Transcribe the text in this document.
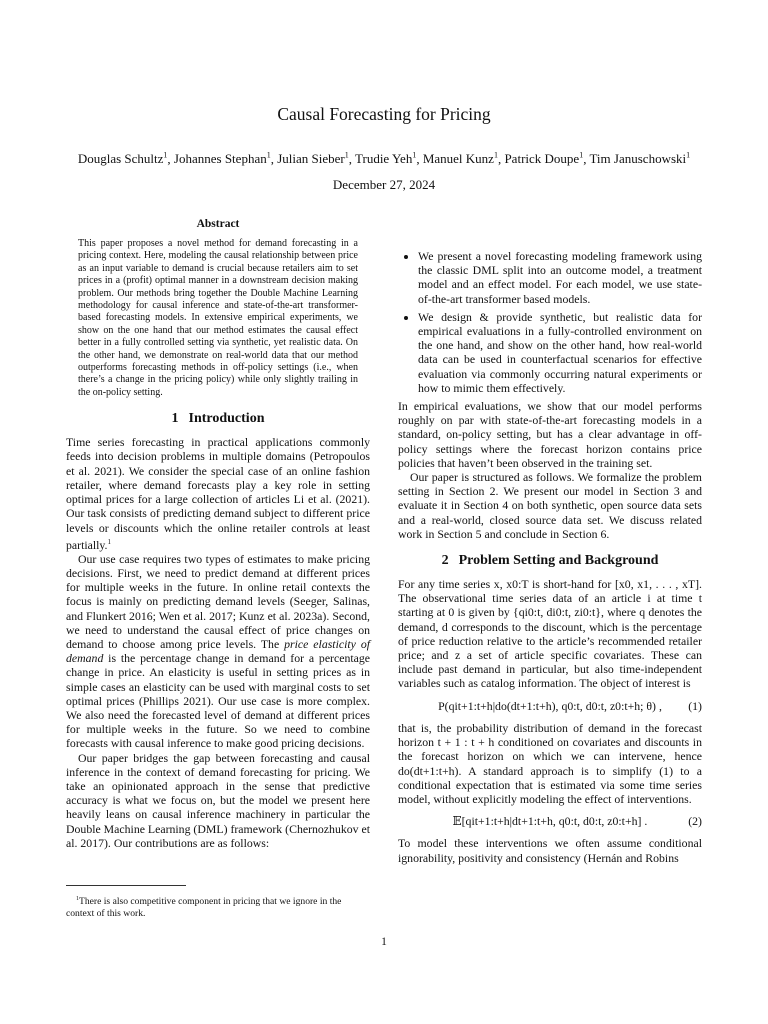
Causal Forecasting for Pricing
Douglas Schultz$^1$, Johannes Stephan$^1$, Julian Sieber$^1$, Trudie Yeh$^1$, Manuel Kunz$^1$, Patrick Doupe$^1$, Tim Januschowski$^1$
December 27, 2024
Abstract
This paper proposes a novel method for demand forecasting in a pricing context. Here, modeling the causal relationship between price as an input variable to demand is crucial because retailers aim to set prices in a (profit) optimal manner in a downstream decision making problem. Our methods bring together the Double Machine Learning methodology for causal inference and state-of-the-art transformer-based forecasting models. In extensive empirical experiments, we show on the one hand that our method estimates the causal effect better in a fully controlled setting via synthetic, yet realistic data. On the other hand, we demonstrate on real-world data that our method outperforms forecasting methods in off-policy settings (i.e., when there’s a change in the pricing policy) while only slightly trailing in the on-policy setting.
1 Introduction

Time series forecasting in practical applications commonly feeds into decision problems in multiple domains (Petropoulos et al. 2021). We consider the special case of an online fashion retailer, where demand forecasts play a key role in setting optimal prices for a large collection of articles Li et al. (2021). Our task consists of predicting demand subject to different price levels or discounts which the online retailer controls at least partially.$^1$

Our use case requires two types of estimates to make pricing decisions. First, we need to predict demand at different prices for multiple weeks in the future. In online retail contexts the focus is mainly on predicting demand levels (Seeger, Salinas, and Flunkert 2016; Wen et al. 2017; Kunz et al. 2023a). Second, we need to understand the causal effect of price changes on demand to choose among price levels. The price elasticity of demand is the percentage change in demand for a percentage change in price. An elasticity is useful in setting prices as in simple cases an elasticity can be used with marginal costs to set optimal prices (Phillips 2021). Our use case is more complex. We also need the forecasted level of demand at different prices for multiple weeks in the future. So we need to combine forecasts with causal inference to make good pricing decisions.

Our paper bridges the gap between forecasting and causal inference in the context of demand forecasting for pricing. We take an opinionated approach in the sense that predictive accuracy is what we focus on, but the model we present here heavily leans on causal inference machinery in particular the Double Machine Learning (DML) framework (Chernozhukov et al. 2017). Our contributions are as follows:

• We present a novel forecasting modeling framework using the classic DML split into an outcome model, a treatment model and an effect model. For each model, we use state-of-the-art transformer based models.
• We design & provide synthetic, but realistic data for empirical evaluations in a fully-controlled environment on the one hand, and show on the other hand, how real-world data can be used in counterfactual scenarios for effective evaluation via commonly occurring natural experiments or how to mimic them effectively.

In empirical evaluations, we show that our model performs roughly on par with state-of-the-art forecasting models in a standard, on-policy setting, but has a clear advantage in off-policy settings where the forecast horizon contains price policies that haven’t been observed in the training set.

Our paper is structured as follows. We formalize the problem setting in Section 2. We present our model in Section 3 and evaluate it in Section 4 on both synthetic, open source data sets and a real-world, closed source data set. We discuss related work in Section 5 and conclude in Section 6.

2 Problem Setting and Background

For any time series x, x0:T is short-hand for [x0, x1, . . . , xT]. The observational time series data of an article i at time t starting at 0 is given by {qi0:t, di0:t, zi0:t}, where q denotes the demand, d corresponds to the discount, which is the percentage of price reduction relative to the article’s recommended retailer price; and z a set of article specific covariates. These can include past demand in particular, but also time-independent variables such as catalog information. The object of interest is

P(qit+1:t+h|do(dt+1:t+h), q0:t, d0:t, z0:t+h; θ) , (1)

that is, the probability distribution of demand in the forecast horizon t + 1 : t + h conditioned on covariates and discounts in the forecast horizon on which we can intervene, hence do(dt+1:t+h). A standard approach is to simplify (1) to a conditional expectation that is estimated via some time series model, without explicitly modeling the effect of interventions.

𝔼[qit+1:t+h|dt+1:t+h, q0:t, d0:t, z0:t+h] .	(2)

To model these interventions we often assume conditional ignorability, positivity and consistency (Hernán and Robins

$^1$There is also competitive component in pricing that we ignore in the context of this work.
1
